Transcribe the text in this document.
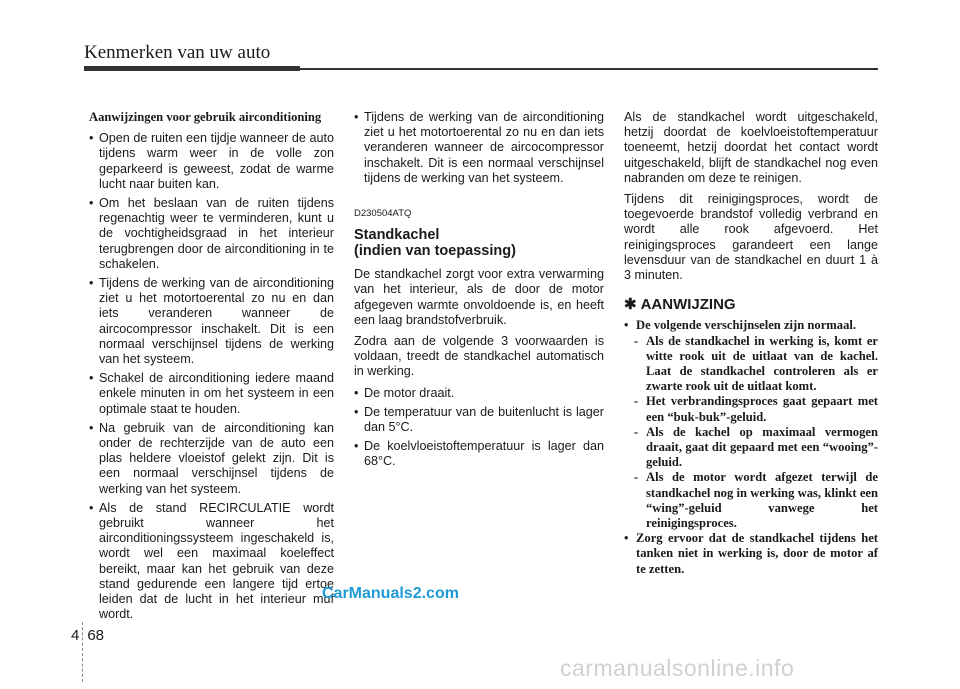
Kenmerken van uw auto
Aanwijzingen voor gebruik airconditioning
• Open de ruiten een tijdje wanneer de auto tijdens warm weer in de volle zon geparkeerd is geweest, zodat de warme lucht naar buiten kan.
• Om het beslaan van de ruiten tijdens regenachtig weer te verminderen, kunt u de vochtigheidsgraad in het interieur terugbrengen door de airconditioning in te schakelen.
• Tijdens de werking van de airconditioning ziet u het motortoerental zo nu en dan iets veranderen wanneer de aircocompressor inschakelt. Dit is een normaal verschijnsel tijdens de werking van het systeem.
• Schakel de airconditioning iedere maand enkele minuten in om het systeem in een optimale staat te houden.
• Na gebruik van de airconditioning kan onder de rechterzijde van de auto een plas heldere vloeistof gelekt zijn. Dit is een normaal verschijnsel tijdens de werking van het systeem.
• Als de stand RECIRCULATIE wordt gebruikt wanneer het airconditioningssysteem ingeschakeld is, wordt wel een maximaal koeleffect bereikt, maar kan het gebruik van deze stand gedurende een langere tijd ertoe leiden dat de lucht in het interieur muf wordt.
• Tijdens de werking van de airconditioning ziet u het motortoerental zo nu en dan iets veranderen wanneer de aircocompressor inschakelt. Dit is een normaal verschijnsel tijdens de werking van het systeem.
D230504ATQ
Standkachel
(indien van toepassing)

De standkachel zorgt voor extra verwarming van het interieur, als de door de motor afgegeven warmte onvoldoende is, en heeft een laag brandstofverbruik.

Zodra aan de volgende 3 voorwaarden is voldaan, treedt de standkachel automatisch in werking.

• De motor draait.
• De temperatuur van de buitenlucht is lager dan 5°C.
• De koelvloeistoftemperatuur is lager dan 68°C.

Als de standkachel wordt uitgeschakeld, hetzij doordat de koelvloeistoftemperatuur toeneemt, hetzij doordat het contact wordt uitgeschakeld, blijft de standkachel nog even nabranden om deze te reinigen.

Tijdens dit reinigingsproces, wordt de toegevoerde brandstof volledig verbrand en wordt alle rook afgevoerd. Het reinigingsproces garandeert een lange levensduur van de standkachel en duurt 1 à 3 minuten.

✱ AANWIJZING
• De volgende verschijnselen zijn normaal.
- Als de standkachel in werking is, komt er witte rook uit de uitlaat van de kachel. Laat de standkachel controleren als er zwarte rook uit de uitlaat komt.
- Het verbrandingsproces gaat gepaart met een “buk-buk”-geluid.
- Als de kachel op maximaal vermogen draait, gaat dit gepaard met een “wooing”-geluid.
- Als de motor wordt afgezet terwijl de standkachel nog in werking was, klinkt een “wing”-geluid vanwege het reinigingsproces.
• Zorg ervoor dat de standkachel tijdens het tanken niet in werking is, door de motor af te zetten.
CarManuals2.com
4 68
carmanualsonline.info
